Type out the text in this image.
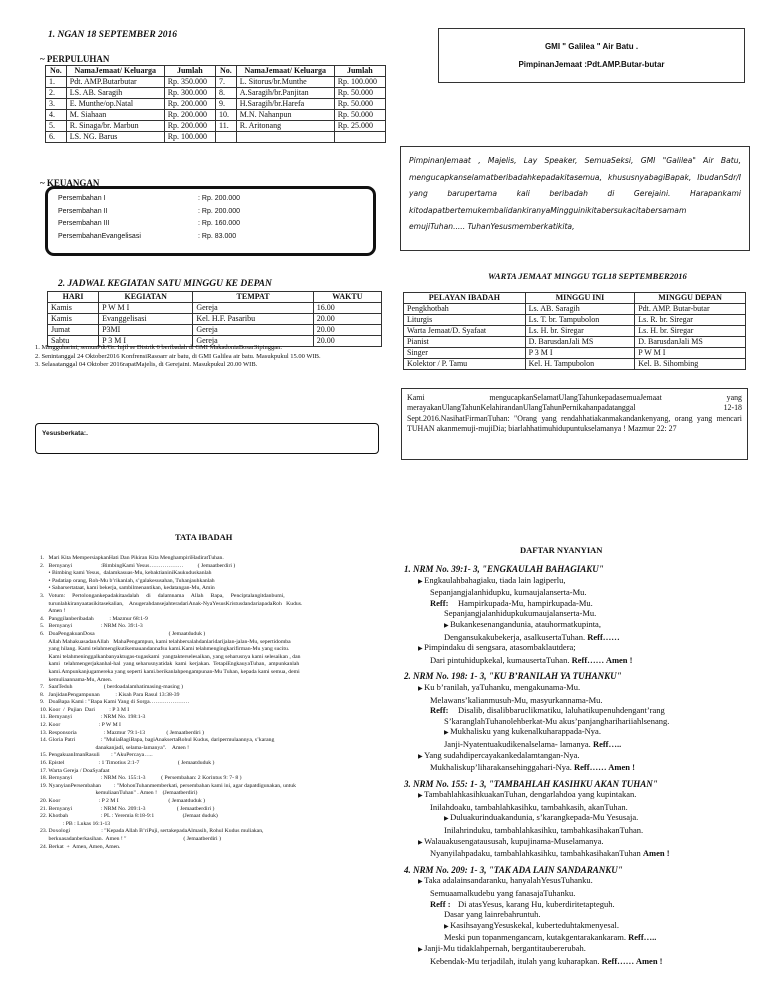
1. NGAN 18 SEPTEMBER 2016
GMI " Galilea " Air Batu .
PimpinanJemaat :Pdt.AMP.Butar-butar
~ PERPULUHAN
No.	NamaJemaat/ Keluarga	Jumlah	No.	NamaJemaat/ Keluarga	Jumlah
1.	Pdt. AMP.Butarbutar	Rp. 350.000	7.	L. Sitorus/br.Munthe	Rp. 100.000
2.	LS. AB. Saragih	Rp. 300.000	8.	A.Saragih/br.Panjitan	Rp. 50.000
3.	E. Munthe/op.Natal	Rp. 200.000	9.	H.Saragih/br.Harefa	Rp. 50.000
4.	M. Siahaan	Rp. 200.000	10.	M.N. Nahanpun	Rp. 50.000
5.	R. Sinaga/br. Marbun	Rp. 200.000	11.	R. Aritonang	Rp. 25.000
6.	LS. NG. Barus	Rp. 100.000			
~ KEUANGAN
Persembahan I	: Rp. 200.000
Persembahan II	: Rp. 200.000
Persembahan III	: Rp. 160.000
PersembahanEvangelisasi	: Rp. 83.000
PimpinanJemaat , Majelis, Lay Speaker, SemuaSeksi, GMI "Galilea" Air Batu, mengucapkanselamatberibadahkepadakitasemua, khususnyabagiBapak, IbudanSdr/I yang barupertama kali beribadah di Gerejaini. Harapankami kitodapatbertemukembalidankiranyaMingguinikitabersukacitabersamam emujiTuhan..... TuhanYesusmemberkatikita,
2. JADWAL KEGIATAN SATU MINGGU KE DEPAN
HARI	KEGIATAN	TEMPAT	WAKTU
Kamis	P W M I	Gereja	16.00
Kamis	Evanggelisasi	Kel. H.F. Pasaribu	20.00
Jumat	P3MI	Gereja	20.00
Sabtu	P 3 M I	Gereja	20.00
1. Mingguharini, semuaPdt/Gr. Injil se Distrik 6 beribadah di GMI MakadoniaBosarSipinggan.
2. Senintanggal 24 Oktober2016 KonfrensiRasoarr air batu, di GMI Galilea air batu. Masukpukul 15.00 WIB.
3. Selasatanggal 04 Oktober 2016rapatMajelis, di Gerejaini. Masukpukul 20.00 WIB.
Yesusberkata:.
WARTA JEMAAT MINGGU TGL18 SEPTEMBER2016
PELAYAN IBADAH	MINGGU INI	MINGGU DEPAN
Pengkhotbah	Ls. AB. Saragih	Pdt. AMP. Butar-butar
Liturgis	Ls. T. br. Tampubolon	Ls. R. br. Siregar
Warta Jemaat/D. Syafaat	Ls. H. br. Siregar	Ls. H. br. Siregar
Pianist	D. BarusdanJali MS	D. BarusdanJali MS
Singer	P 3 M I	P W M I
Kolektor / P. Tamu	Kel. H. Tampubolon	Kel. B. Sihombing
Kami mengucapkanSelamatUlangTahunkepadasemuaJemaat yang merayakanUlangTahunKelahirandanUlangTahunPernikahanpadatanggal 12-18 Sept.2016.NasihatFirmanTuhan: "Orang yang rendahhatiakanmakandankenyang, orang yang mencari TUHAN akanmemuji-mujiDia; biarlahhatimuhidupuntukselamanya ! Mazmur 22: 27
TATA IBADAH
1.   Mari Kita MempersiapkanHati Dan Pikiran Kita MenghampiriHadiratTuhan.
2.   Bernyanyi                    :BimbingKami Yesus………………          ( Jemaatberdiri )
• Bimbing kami Yesus,  dalamkasuas-Mu, kebaktianiniKaukuduskanlah
• Padatiap orang, Roh-Mu b’rikanlah, s’galakesusahan, Tuhanjauhkanlah
• Sabarsertataat, kami bekerja, sambilmenantikan, kedatangan-Mu, Amin
3.   Votum:     Pertolongankepadakitaadalah     di     dalamnama     Allah     Bapa,     Penciptalangitdanbumi,
turunlahkiranyaatasikitasekalian,    AnugerahdansejahteradariAnak-NyaYesusKristusdandariapadaRoh   Kudus.
Amen !
4.   Panggilanberibadah           : Mazmur 68:1-9
5.   Bernyanyi                    : NRM No. 39:1-3
6.   DoaPengakuanDosa                                                    ( Jemaatduduk )
Allah MahakuasadanAllah   MahaPengampun, kami telahbersalahdanlaridarijalan-jalan-Mu, sepertidomba
yang hilang. Kami telahmengikutikemauandannafsu kami.Kami telahmengingkarifirman-Mu yang sucitu.
Kami telahmeninggalkanbanyaktugas-tugaskami  yangtakterselesaikan, yang seharusnya kami selesaikan , dan
kami   telahmengerjakanhal-hal  yang seharusnyatidak  kami  kerjakan.  TetapiEngkauyaTuhan,  ampunkanlah
kami.Ampunkanjugamereka yang seperti kami.berikanlahpengampunan-Mu Tuhan, kepada kami semua, demi
kemuliaannama-Mu, Amen.
7.   SaatTeduh                      ( berdoadalamhatimasing-masing )
8.   JanjidanPengampunan           : Kisah Para Rasul 13:38-39
9.   DoaBapa Kami : "Bapa Kami Yang di Sorga…………………
10. Koor  /  Pujian  Dari          : P 3 M I
11. Bernyanyi                    : NRM No. 198:1-3
12. Koor                           : P W M I
13. Responsoria                   : Mazmur 79:1-13               ( Jemaatberdiri )
14. Gloria Patri                  : "MuliaBagiBapa, bagiAnaksertaRohul Kudus, daripermulaannya, s’karang
danakanjadi, selama-lamanya".    Amen !
15. PengakuanImanRasuli        : "AkuPercaya…..
16. Epistel                        : 1 Timotius 2:1-7                           ( Jemaatduduk )
17. Warta Gereja / DoaSyafaat
18. Bernyanyi                    : NRM No. 155:1-3           ( Persembahan: 2 Korintus 9: 7- 8 )
19. NyanyianPersembahan         : "MohonTuhanmemberkati, persembahan kami ini, agar dapatdigunakan, untuk
kemuliaanTuhan" . Amen !    (Jemaatberdiri)
20. Koor                           : P 2 M I                                   ( Jemaatduduk )
21. Bernyanyi                    : NRM No. 209:1-3                      ( Jemaatberdiri )
22. Khotbah                       : PL : Yeremia 8:18-9:1                    (Jemaat duduk)
: PB : Lukas 16:1-13
23. Doxologi                      : "Kepada Allah B’riPuji, sertakepadaAlmasih, Rohul Kudus muliakan,
berkuasadanberkasihan.  Amen ! "                                        ( Jemaatberdiri )
24. Berkat  +  Amen, Amen, Amen.
DAFTAR NYANYIAN
1. NRM No. 39:1- 3, "ENGKAULAH BAHAGIAKU"
▶ Engkaulahbahagiaku, tiada lain lagiperlu,
Sepanjangjalanhidupku, kumaujalanserta-Mu.
Reff:Hampirkupada-Mu, hampirkupada-Mu.
Sepanjangjalanhidupkukumaujalanserta-Mu.
▶ Bukankesenangandunia, atauhormatkupinta,
Dengansukakubekerja, asalkusertaTuhan. Reff……
▶ Pimpindaku di sengsara, atasombaklautdera;
Dari pintuhidupkekal, kumausertaTuhan. Reff…… Amen !
2. NRM No. 198: 1- 3, "KU B’RANILAH YA TUHANKU"
▶ Ku b’ranilah, yaTuhanku, mengakunama-Mu.
Melawans’kalianmusuh-Mu, masyurkannama-Mu.
Reff:Disalib, disalibbaruclikmatiku, laluhatikupenuhdengant’rang
S’karanglahTuhanolehberkat-Mu akus’panjangharihariiahlsenang.
▶ Mukhalisku yang kukenalkuharappada-Nya.
Janji-Nyatentuakudikenalselama- lamanya. Reff…..
▶ Yang sudahdipercayakankedalamtangan-Nya.
Mukhaliskup’liharakansehinggahari-Nya. Reff…… Amen !
3. NRM No. 155: 1- 3, "TAMBAHLAH KASIHKU AKAN TUHAN"
▶ TambahlahkasihkuakanTuhan, dengarlahdoa yang kupintakan.
Inilahdoaku, tambahlahkasihku, tambahkasih, akanTuhan.
▶ Duluakurinduakandunia, s’karangkepada-Mu Yesusaja.
Inilahrinduku, tambahlahkasihku, tambahkasihakanTuhan.
▶ Walauakusengataususah, kupujinama-Muselamanya.
Nyanyilahpadaku, tambahlahkasihku, tambahkasihakanTuhan Amen !
4. NRM No. 209: 1- 3, "TAK ADA LAIN SANDARANKU"
▶ Taka adalainsandaranku, hanyalahYesusTuhanku.
Semuaamalkudebu yang fanasajaTuhanku.
Reff :Di atasYesus, karang Hu, kuberdiritetapteguh.
Dasar yang lainrebahruntuh.
▶ KasihsayangYesuskekal, kuberteduhtakmenyesal.
Meski pun topanmengancam, kutakgentarakankaram. Reff…..
▶ Janji-Mu tidaklahpernah, bergantitaubererubah.
Kebendak-Mu terjadilah, itulah yang kuharapkan. Reff…… Amen !
